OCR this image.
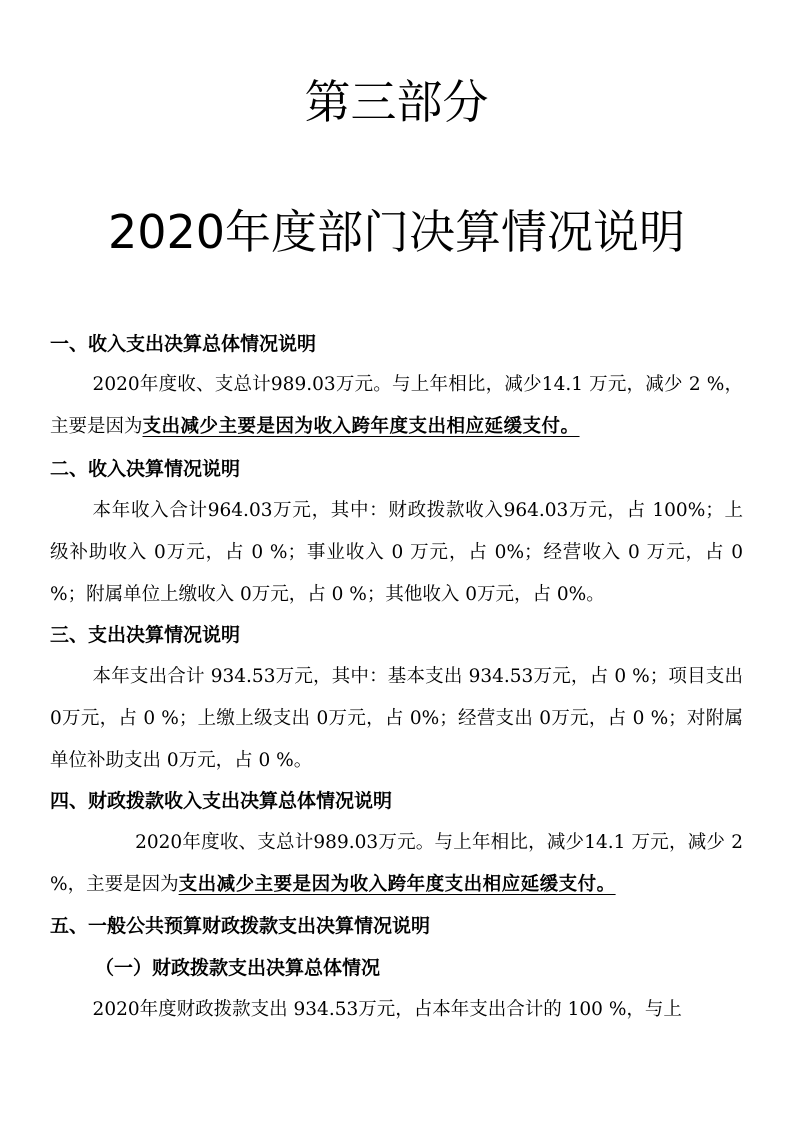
第三部分
2020年度部门决算情况说明
一、收入支出决算总体情况说明

2020年度收、支总计989.03万元。与上年相比，减少14.1 万元，减少 2 %，主要是因为支出减少主要是因为收入跨年度支出相应延缓支付。

二、收入决算情况说明

本年收入合计964.03万元，其中：财政拨款收入964.03万元，占 100%；上级补助收入 0万元，占 0 %；事业收入 0 万元，占 0%；经营收入 0 万元，占 0 %；附属单位上缴收入 0万元，占 0 %；其他收入 0万元，占 0%。

三、支出决算情况说明

本年支出合计 934.53万元，其中：基本支出 934.53万元，占 0 %；项目支出 0万元，占 0 %；上缴上级支出 0万元，占 0%；经营支出 0万元，占 0 %；对附属单位补助支出 0万元，占 0 %。

四、财政拨款收入支出决算总体情况说明

2020年度收、支总计989.03万元。与上年相比，减少14.1 万元，减少 2 %，主要是因为支出减少主要是因为收入跨年度支出相应延缓支付。

五、一般公共预算财政拨款支出决算情况说明
（一）财政拨款支出决算总体情况

2020年度财政拨款支出 934.53万元，占本年支出合计的 100 %，与上
